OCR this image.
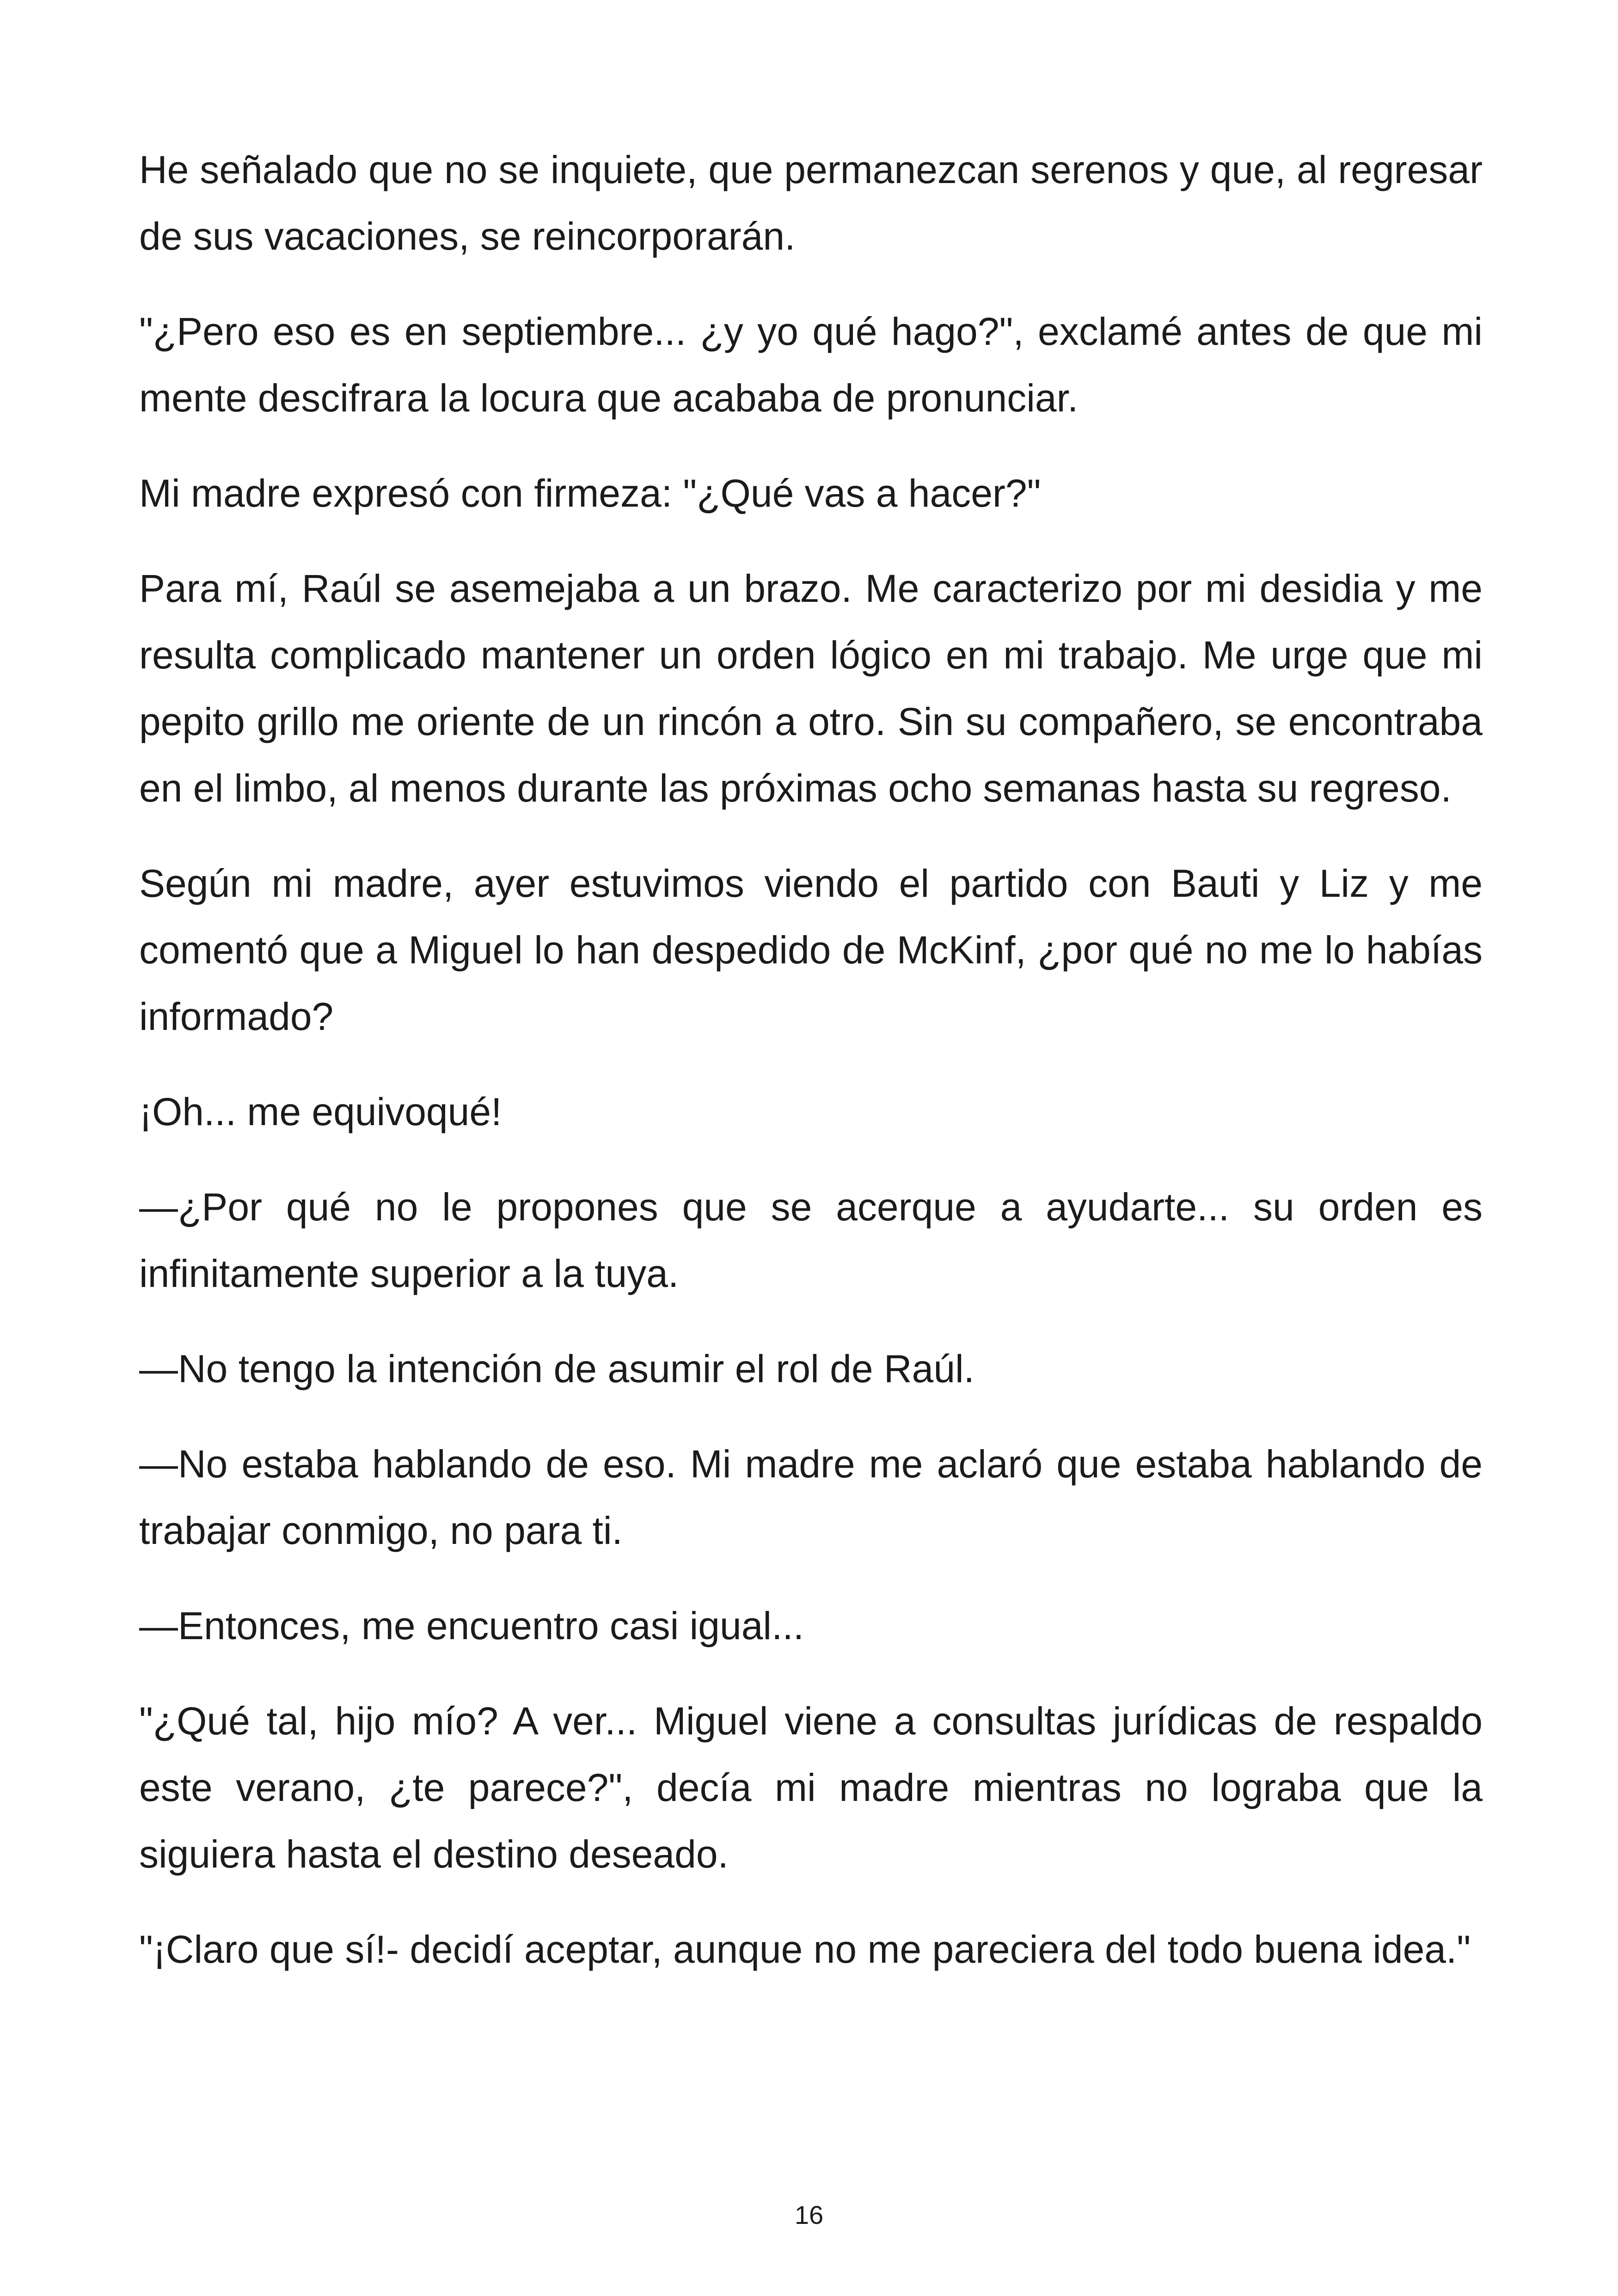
He señalado que no se inquiete, que permanezcan serenos y que, al regresar de sus vacaciones, se reincorporarán.

"¿Pero eso es en septiembre... ¿y yo qué hago?", exclamé antes de que mi mente descifrara la locura que acababa de pronunciar.

Mi madre expresó con firmeza: "¿Qué vas a hacer?"

Para mí, Raúl se asemejaba a un brazo. Me caracterizo por mi desidia y me resulta complicado mantener un orden lógico en mi trabajo. Me urge que mi pepito grillo me oriente de un rincón a otro. Sin su compañero, se encontraba en el limbo, al menos durante las próximas ocho semanas hasta su regreso.

Según mi madre, ayer estuvimos viendo el partido con Bauti y Liz y me comentó que a Miguel lo han despedido de McKinf, ¿por qué no me lo habías informado?

¡Oh... me equivoqué!

—¿Por qué no le propones que se acerque a ayudarte... su orden es infinitamente superior a la tuya.

—No tengo la intención de asumir el rol de Raúl.

—No estaba hablando de eso. Mi madre me aclaró que estaba hablando de trabajar conmigo, no para ti.

—Entonces, me encuentro casi igual...

"¿Qué tal, hijo mío? A ver... Miguel viene a consultas jurídicas de respaldo este verano, ¿te parece?", decía mi madre mientras no lograba que la siguiera hasta el destino deseado.

"¡Claro que sí!- decidí aceptar, aunque no me pareciera del todo buena idea."

16
